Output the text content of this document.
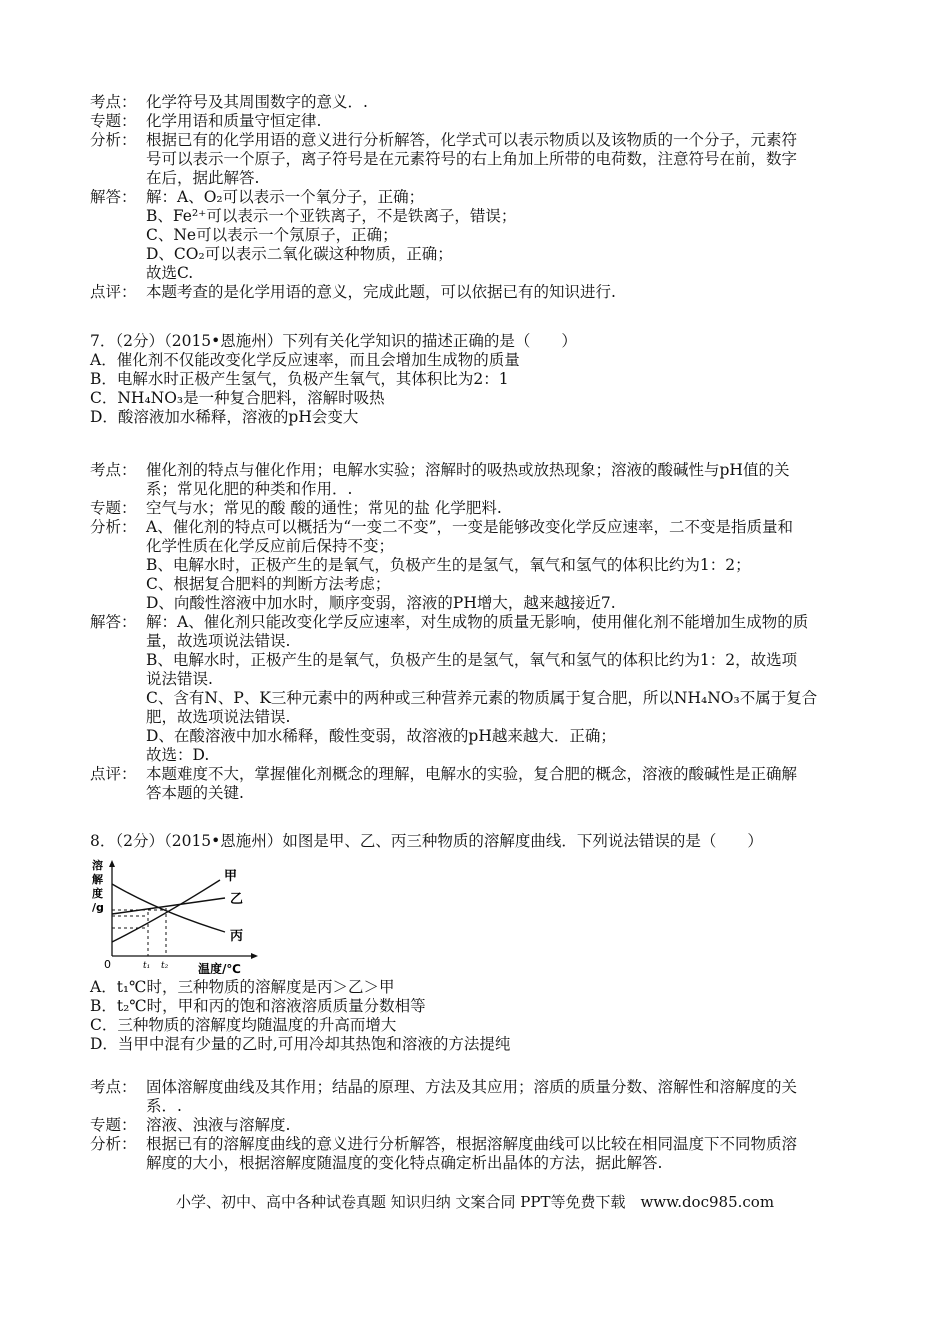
考点： 化学符号及其周围数字的意义．.
专题： 化学用语和质量守恒定律.
分析： 根据已有的化学用语的意义进行分析解答，化学式可以表示物质以及该物质的一个分子，元素符
号可以表示一个原子，离子符号是在元素符号的右上角加上所带的电荷数，注意符号在前，数字
在后，据此解答.
解答： 解：A、O₂可以表示一个氧分子，正确；
B、Fe²⁺可以表示一个亚铁离子，不是铁离子，错误；
C、Ne可以表示一个氖原子，正确；
D、CO₂可以表示二氧化碳这种物质，正确；
故选C.
点评： 本题考查的是化学用语的意义，完成此题，可以依据已有的知识进行.
7．（2分）（2015•恩施州）下列有关化学知识的描述正确的是（　　）
A．催化剂不仅能改变化学反应速率，而且会增加生成物的质量
B．电解水时正极产生氢气，负极产生氧气，其体积比为2：1
C．NH₄NO₃是一种复合肥料，溶解时吸热
D．酸溶液加水稀释，溶液的pH会变大
考点： 催化剂的特点与催化作用；电解水实验；溶解时的吸热或放热现象；溶液的酸碱性与pH值的关
系；常见化肥的种类和作用．.
专题： 空气与水；常见的酸 酸的通性；常见的盐 化学肥料.
分析： A、催化剂的特点可以概括为“一变二不变”，一变是能够改变化学反应速率，二不变是指质量和
化学性质在化学反应前后保持不变；
B、电解水时，正极产生的是氧气，负极产生的是氢气，氧气和氢气的体积比约为1：2；
C、根据复合肥料的判断方法考虑；
D、向酸性溶液中加水时，顺序变弱，溶液的PH增大，越来越接近7.
解答： 解：A、催化剂只能改变化学反应速率，对生成物的质量无影响，使用催化剂不能增加生成物的质
量，故选项说法错误.
B、电解水时，正极产生的是氧气，负极产生的是氢气，氧气和氢气的体积比约为1：2，故选项
说法错误.
C、含有N、P、K三种元素中的两种或三种营养元素的物质属于复合肥，所以NH₄NO₃不属于复合
肥，故选项说法错误.
D、在酸溶液中加水稀释，酸性变弱，故溶液的pH越来越大．正确；
故选：D.
点评： 本题难度不大，掌握催化剂概念的理解，电解水的实验，复合肥的概念，溶液的酸碱性是正确解
答本题的关键.
8．（2分）（2015•恩施州）如图是甲、乙、丙三种物质的溶解度曲线．下列说法错误的是（　　）
溶
解
度
/g
甲
乙
丙
0	t₁ t₂ 温度/℃
A．t₁℃时，三种物质的溶解度是丙＞乙＞甲
B．t₂℃时，甲和丙的饱和溶液溶质质量分数相等
C．三种物质的溶解度均随温度的升高而增大
D．当甲中混有少量的乙时,可用冷却其热饱和溶液的方法提纯
考点： 固体溶解度曲线及其作用；结晶的原理、方法及其应用；溶质的质量分数、溶解性和溶解度的关
系．.
专题： 溶液、浊液与溶解度.
分析： 根据已有的溶解度曲线的意义进行分析解答，根据溶解度曲线可以比较在相同温度下不同物质溶
解度的大小，根据溶解度随温度的变化特点确定析出晶体的方法，据此解答.
小学、初中、高中各种试卷真题 知识归纳 文案合同 PPT等免费下载　www.doc985.com
